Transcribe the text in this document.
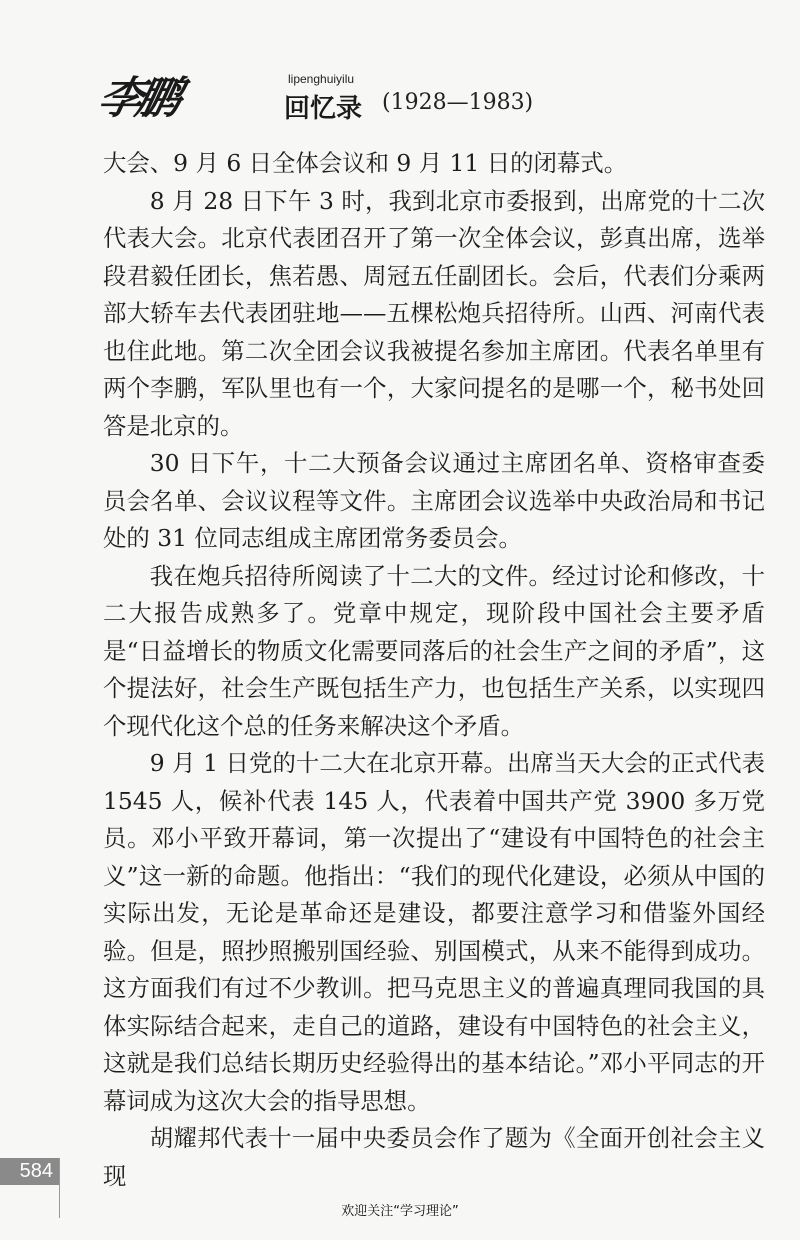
李鹏	lipenghuiyilu
回忆录 (1928—1983)

大会、9 月 6 日全体会议和 9 月 11 日的闭幕式。

8 月 28 日下午 3 时，我到北京市委报到，出席党的十二次代表大会。北京代表团召开了第一次全体会议，彭真出席，选举段君毅任团长，焦若愚、周冠五任副团长。会后，代表们分乘两部大轿车去代表团驻地——五棵松炮兵招待所。山西、河南代表也住此地。第二次全团会议我被提名参加主席团。代表名单里有两个李鹏，军队里也有一个，大家问提名的是哪一个，秘书处回答是北京的。

30 日下午，十二大预备会议通过主席团名单、资格审查委员会名单、会议议程等文件。主席团会议选举中央政治局和书记处的 31 位同志组成主席团常务委员会。

我在炮兵招待所阅读了十二大的文件。经过讨论和修改，十二大报告成熟多了。党章中规定，现阶段中国社会主要矛盾是“日益增长的物质文化需要同落后的社会生产之间的矛盾”，这个提法好，社会生产既包括生产力，也包括生产关系，以实现四个现代化这个总的任务来解决这个矛盾。

9 月 1 日党的十二大在北京开幕。出席当天大会的正式代表 1545 人，候补代表 145 人，代表着中国共产党 3900 多万党员。邓小平致开幕词，第一次提出了“建设有中国特色的社会主义”这一新的命题。他指出：“我们的现代化建设，必须从中国的实际出发，无论是革命还是建设，都要注意学习和借鉴外国经验。但是，照抄照搬别国经验、别国模式，从来不能得到成功。这方面我们有过不少教训。把马克思主义的普遍真理同我国的具体实际结合起来，走自己的道路，建设有中国特色的社会主义，这就是我们总结长期历史经验得出的基本结论。”邓小平同志的开幕词成为这次大会的指导思想。

胡耀邦代表十一届中央委员会作了题为《全面开创社会主义现

584
欢迎关注“学习理论”
